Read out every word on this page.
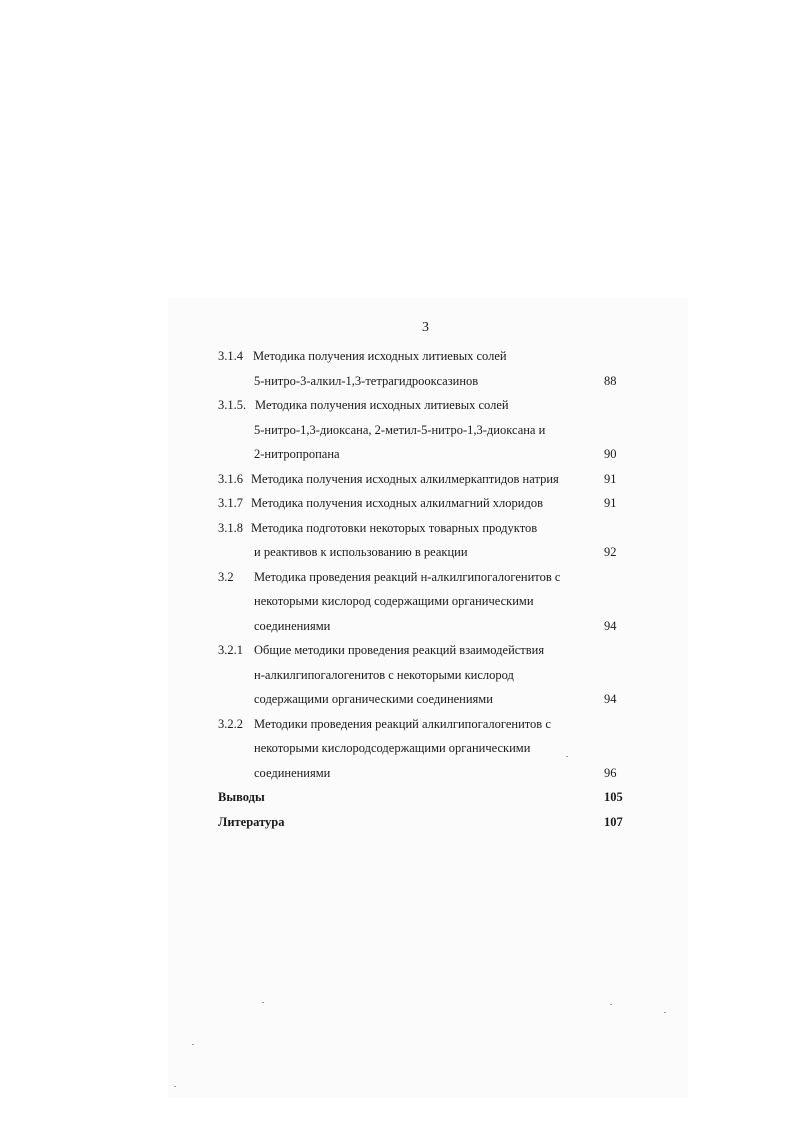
3
3.1.4 Методика получения исходных литиевых солей
5-нитро-3-алкил-1,3-тетрагидрооксазинов	88
3.1.5. Методика получения исходных литиевых солей
5-нитро-1,3-диоксана, 2-метил-5-нитро-1,3-диоксана и
2-нитропропана	90
3.1.6 Методика получения исходных алкилмеркаптидов натрия	91
3.1.7 Методика получения исходных алкилмагний хлоридов	91
3.1.8 Методика подготовки некоторых товарных продуктов
и реактивов к использованию в реакции	92
3.2 Методика проведения реакций н-алкилгипогалогенитов с
некоторыми кислород содержащими органическими
соединениями	94
3.2.1 Общие методики проведения реакций взаимодействия
н-алкилгипогалогенитов с некоторыми кислород
содержащими органическими соединениями	94
3.2.2 Методики проведения реакций алкилгипогалогенитов с
некоторыми кислородсодержащими органическими
соединениями	96
Выводы	105
Литература	107
